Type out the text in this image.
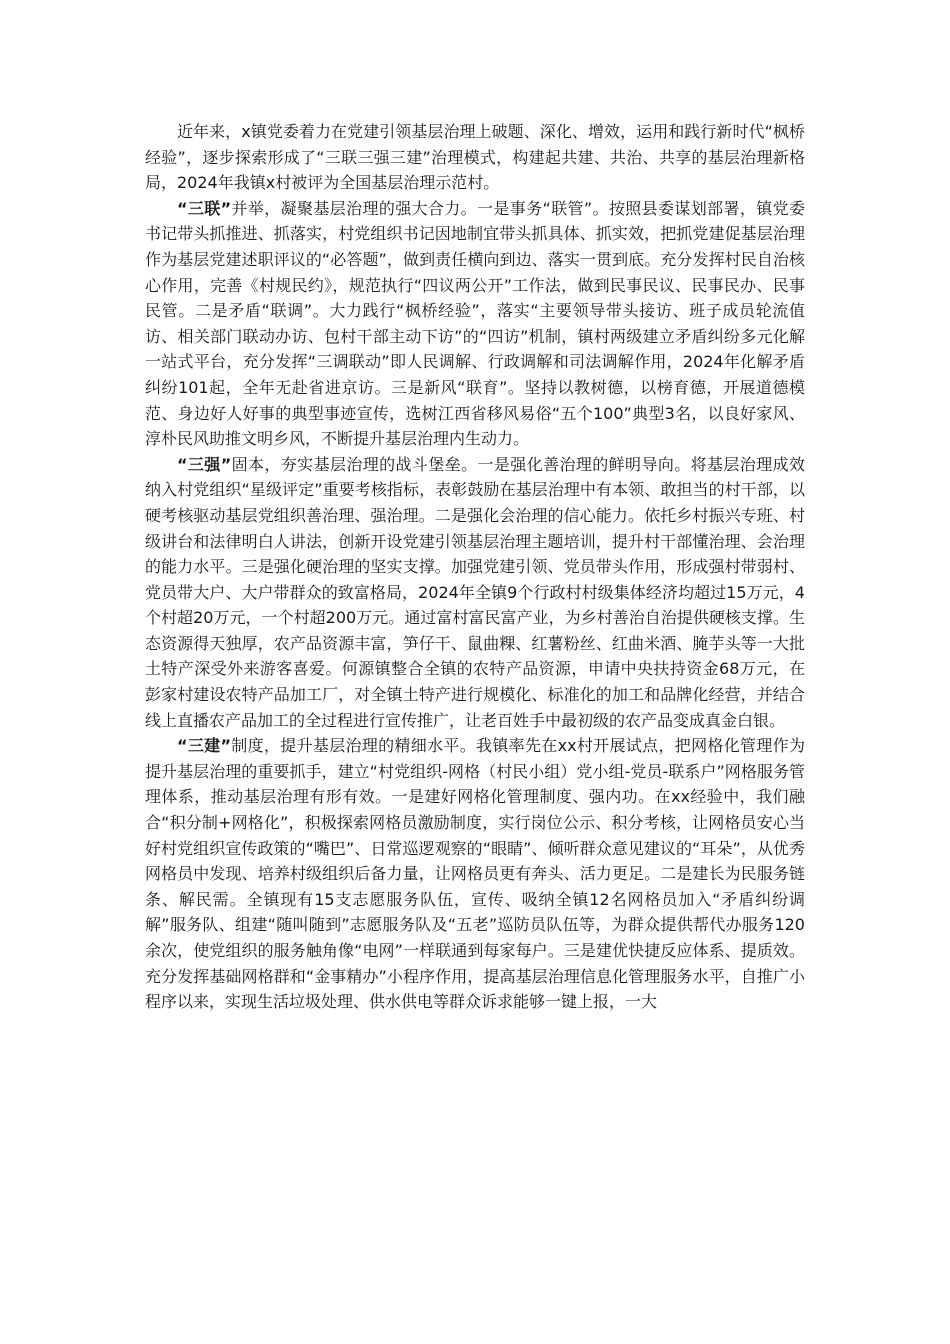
近年来，x镇党委着力在党建引领基层治理上破题、深化、增效，运用和践行新时代“枫桥经验”，逐步探索形成了“三联三强三建”治理模式，构建起共建、共治、共享的基层治理新格局，2024年我镇x村被评为全国基层治理示范村。

“三联”并举，凝聚基层治理的强大合力。一是事务“联管”。按照县委谋划部署，镇党委书记带头抓推进、抓落实，村党组织书记因地制宜带头抓具体、抓实效，把抓党建促基层治理作为基层党建述职评议的“必答题”，做到责任横向到边、落实一贯到底。充分发挥村民自治核心作用，完善《村规民约》，规范执行“四议两公开”工作法，做到民事民议、民事民办、民事民管。二是矛盾“联调”。大力践行“枫桥经验”，落实“主要领导带头接访、班子成员轮流值访、相关部门联动办访、包村干部主动下访”的“四访”机制，镇村两级建立矛盾纠纷多元化解一站式平台，充分发挥“三调联动”即人民调解、行政调解和司法调解作用，2024年化解矛盾纠纷101起，全年无赴省进京访。三是新风“联育”。坚持以教树德，以榜育德，开展道德模范、身边好人好事的典型事迹宣传，选树江西省移风易俗“五个100”典型3名，以良好家风、淳朴民风助推文明乡风，不断提升基层治理内生动力。

“三强”固本，夯实基层治理的战斗堡垒。一是强化善治理的鲜明导向。将基层治理成效纳入村党组织“星级评定”重要考核指标，表彰鼓励在基层治理中有本领、敢担当的村干部，以硬考核驱动基层党组织善治理、强治理。二是强化会治理的信心能力。依托乡村振兴专班、村级讲台和法律明白人讲法，创新开设党建引领基层治理主题培训，提升村干部懂治理、会治理的能力水平。三是强化硬治理的坚实支撑。加强党建引领、党员带头作用，形成强村带弱村、党员带大户、大户带群众的致富格局，2024年全镇9个行政村村级集体经济均超过15万元，4个村超20万元，一个村超200万元。通过富村富民富产业，为乡村善治自治提供硬核支撑。生态资源得天独厚，农产品资源丰富，笋仔干、鼠曲粿、红薯粉丝、红曲米酒、腌芋头等一大批土特产深受外来游客喜爱。何源镇整合全镇的农特产品资源，申请中央扶持资金68万元，在彭家村建设农特产品加工厂，对全镇土特产进行规模化、标准化的加工和品牌化经营，并结合线上直播农产品加工的全过程进行宣传推广，让老百姓手中最初级的农产品变成真金白银。

“三建”制度，提升基层治理的精细水平。我镇率先在xx村开展试点，把网格化管理作为提升基层治理的重要抓手，建立“村党组织-网格（村民小组）党小组-党员-联系户”网格服务管理体系，推动基层治理有形有效。一是建好网格化管理制度、强内功。在xx经验中，我们融合“积分制+网格化”，积极探索网格员激励制度，实行岗位公示、积分考核，让网格员安心当好村党组织宣传政策的“嘴巴”、日常巡逻观察的“眼睛”、倾听群众意见建议的“耳朵”，从优秀网格员中发现、培养村级组织后备力量，让网格员更有奔头、活力更足。二是建长为民服务链条、解民需。全镇现有15支志愿服务队伍，宣传、吸纳全镇12名网格员加入“矛盾纠纷调解”服务队、组建“随叫随到”志愿服务队及“五老”巡防员队伍等，为群众提供帮代办服务120余次，使党组织的服务触角像“电网”一样联通到每家每户。三是建优快捷反应体系、提质效。充分发挥基础网格群和“金事精办”小程序作用，提高基层治理信息化管理服务水平，自推广小程序以来，实现生活垃圾处理、供水供电等群众诉求能够一键上报，一大
